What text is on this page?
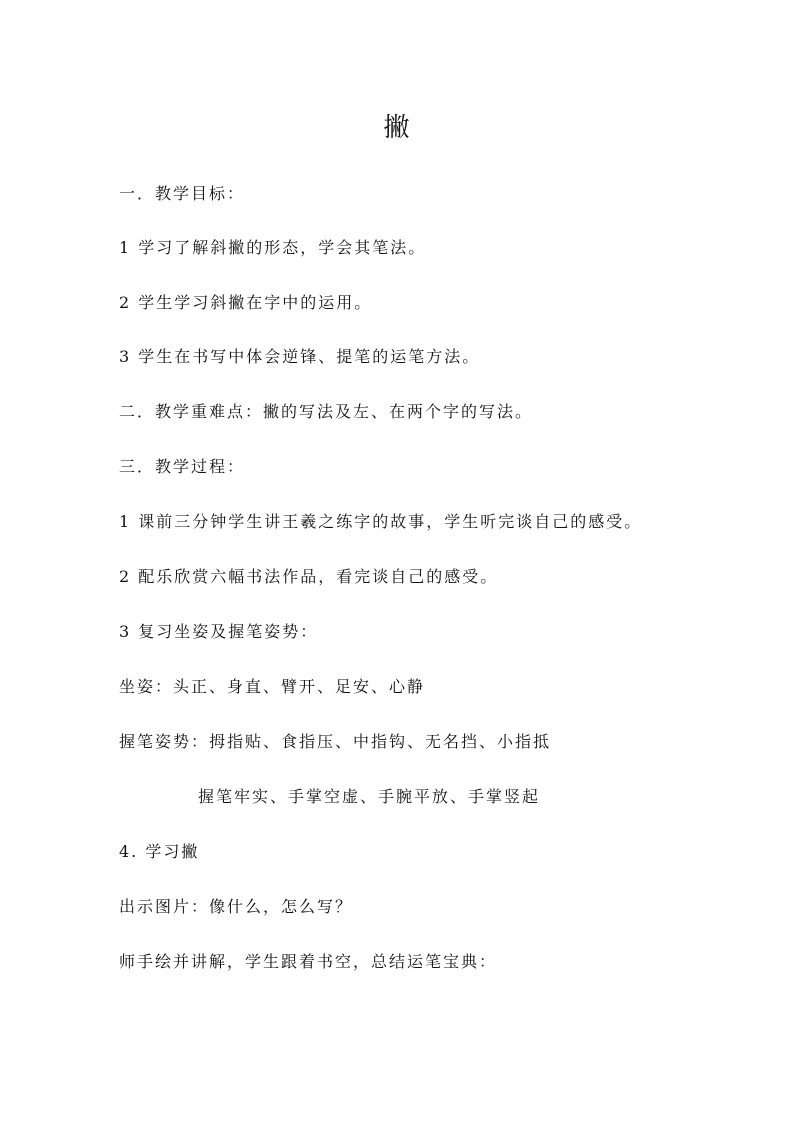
撇
一．教学目标：
1 学习了解斜撇的形态，学会其笔法。
2 学生学习斜撇在字中的运用。
3 学生在书写中体会逆锋、提笔的运笔方法。
二．教学重难点：撇的写法及左、在两个字的写法。
三．教学过程：
1 课前三分钟学生讲王羲之练字的故事，学生听完谈自己的感受。
2 配乐欣赏六幅书法作品，看完谈自己的感受。
3 复习坐姿及握笔姿势：
坐姿：头正、身直、臂开、足安、心静
握笔姿势：拇指贴、食指压、中指钩、无名挡、小指抵
握笔牢实、手掌空虚、手腕平放、手掌竖起
4. 学习撇
出示图片：像什么，怎么写？
师手绘并讲解，学生跟着书空，总结运笔宝典：
